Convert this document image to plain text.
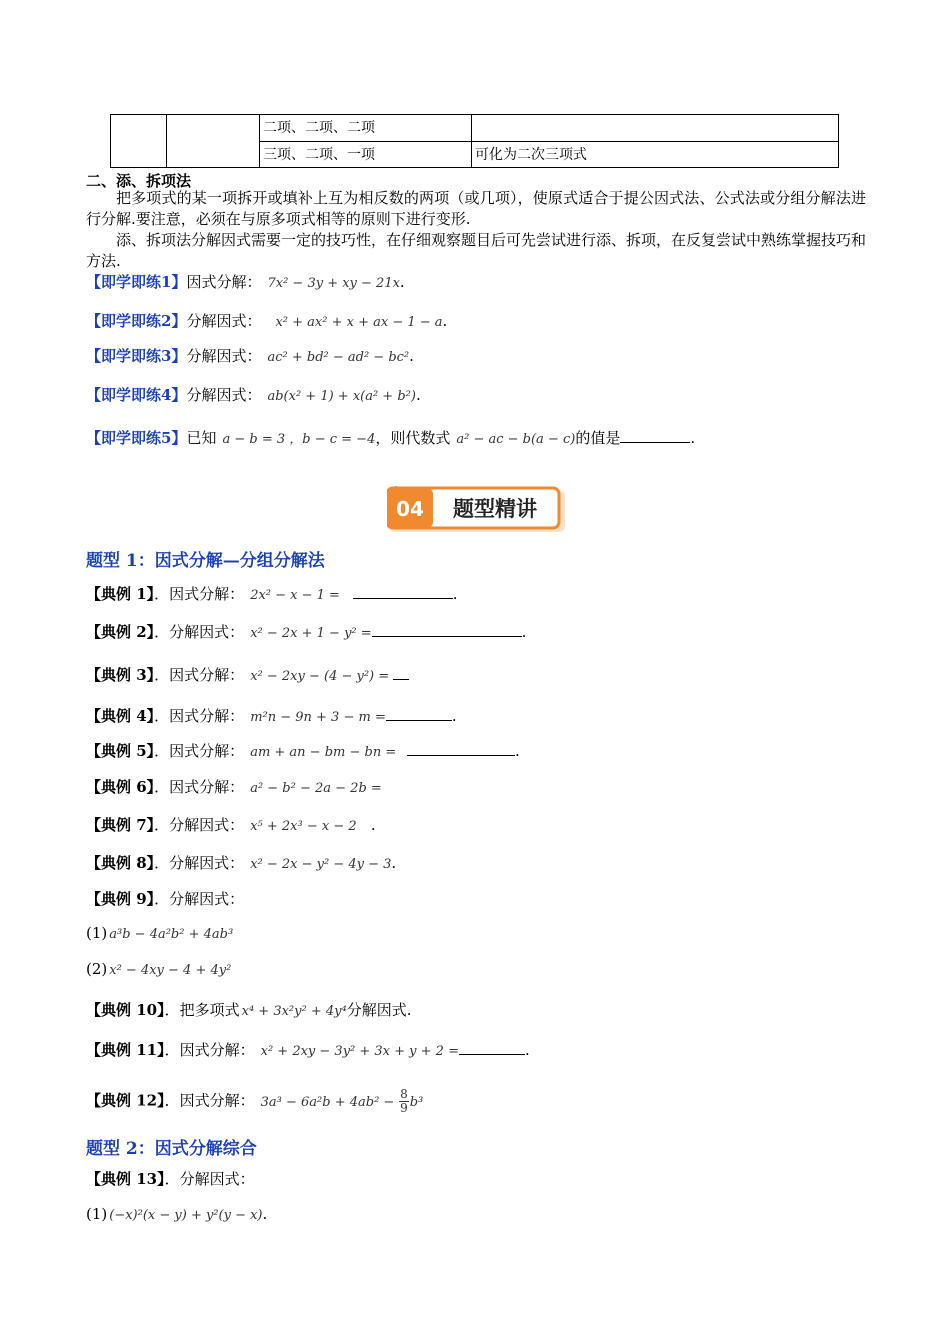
二项、二项、二项
三项、二项、一项	可化为二次三项式
二、添、拆项法
把多项式的某一项拆开或填补上互为相反数的两项（或几项），使原式适合于提公因式法、公式法或分组分解法进行分解.要注意，必须在与原多项式相等的原则下进行变形.
添、拆项法分解因式需要一定的技巧性，在仔细观察题目后可先尝试进行添、拆项，在反复尝试中熟练掌握技巧和方法.
【即学即练1】因式分解： 7x² − 3y + xy − 21x.
【即学即练2】分解因式： x² + ax² + x + ax − 1 − a.
【即学即练3】分解因式： ac² + bd² − ad² − bc².
【即学即练4】分解因式： ab(x² + 1) + x(a² + b²).
【即学即练5】已知 a − b = 3 ，b − c = −4，则代数式 a² − ac − b(a − c)的值是	.
04 题型精讲
题型 1：因式分解—分组分解法
【典例 1】．因式分解： 2x² − x − 1 =	.
【典例 2】．分解因式： x² − 2x + 1 − y² =	.
【典例 3】．因式分解： x² − 2xy − (4 − y²) =
【典例 4】．因式分解： m²n − 9n + 3 − m =	.
【典例 5】．因式分解： am + an − bm − bn =	.
【典例 6】．因式分解： a² − b² − 2a − 2b =
【典例 7】．分解因式： x⁵ + 2x³ − x − 2   .
【典例 8】．分解因式： x² − 2x − y² − 4y − 3.
【典例 9】．分解因式：
(1) a³b − 4a²b² + 4ab³
(2) x² − 4xy − 4 + 4y²
【典例 10】．把多项式 x⁴ + 3x²y² + 4y⁴分解因式.
【典例 11】．因式分解： x² + 2xy − 3y² + 3x + y + 2 =	.
【典例 12】．因式分解： $3a^3 - 6a^2b + 4ab^2 - \frac{8}{9} b^3$
题型 2：因式分解综合
【典例 13】．分解因式：
(1) (−x)²(x − y) + y²(y − x).
